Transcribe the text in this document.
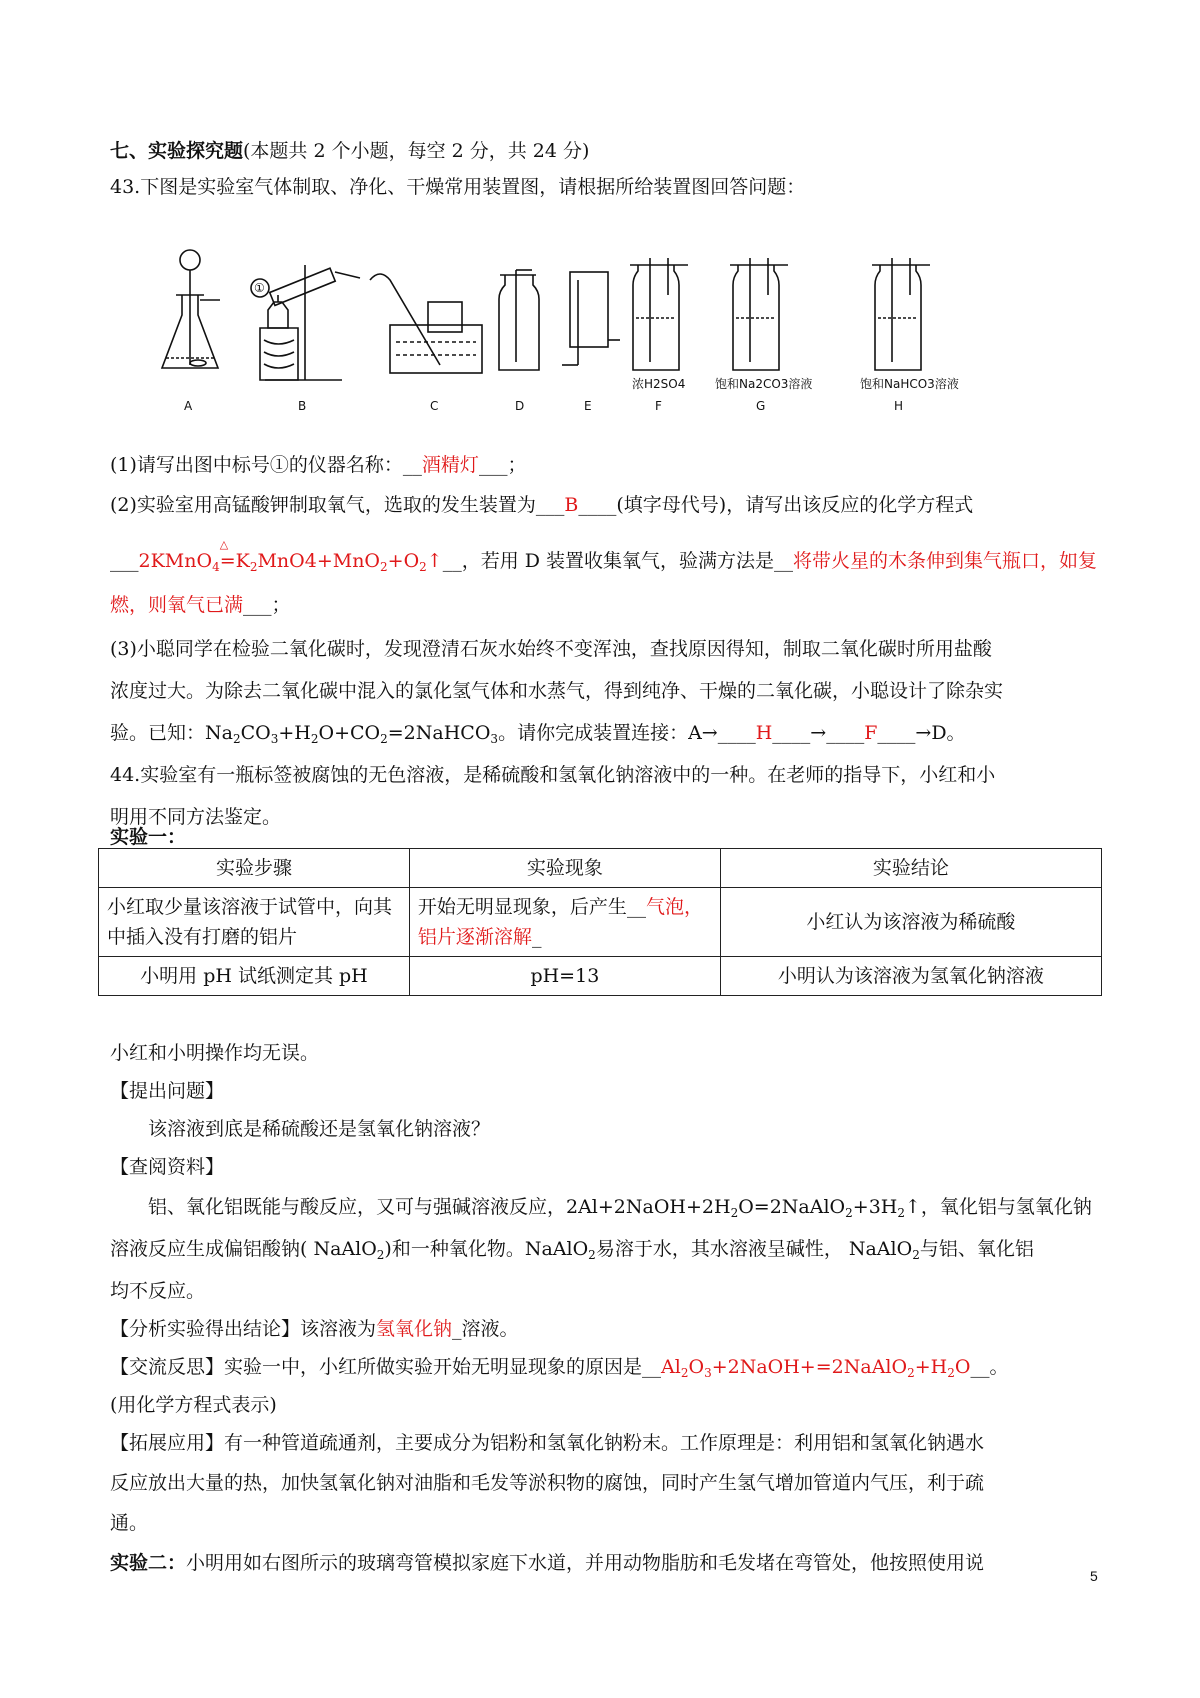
七、实验探究题(本题共 2 个小题，每空 2 分，共 24 分)
43.下图是实验室气体制取、净化、干燥常用装置图，请根据所给装置图回答问题：
①
浓H2SO4 饱和Na2CO3溶液	饱和NaHCO3溶液
A	B	C	D	E	F	G	H
(1)请写出图中标号①的仪器名称：__酒精灯___；
(2)实验室用高锰酸钾制取氧气，选取的发生装置为___B____(填字母代号)，请写出该反应的化学方程式
___2KMnO$_4$
△
$=K_2MnO4+MnO_2+O_2↑\_\_$，若用 D 装置收集氧气，验满方法是__将带火星的木条伸到集气瓶口，如复
燃，则氧气已满___；
(3)小聪同学在检验二氧化碳时，发现澄清石灰水始终不变浑浊，查找原因得知，制取二氧化碳时所用盐酸
浓度过大。为除去二氧化碳中混入的氯化氢气体和水蒸气，得到纯净、干燥的二氧化碳，小聪设计了除杂实
验。已知：$Na_2CO_3+H_2O+CO_2=2NaHCO_3$。请你完成装置连接：A→____H____→____F____→D。
44.实验室有一瓶标签被腐蚀的无色溶液，是稀硫酸和氢氧化钠溶液中的一种。在老师的指导下，小红和小
明用不同方法鉴定。
实验一：
实验步骤	实验现象	实验结论
小红取少量该溶液于试管中，向其
中插入没有打磨的铝片	开始无明显现象，后产生__气泡，
铝片逐渐溶解_	小红认为该溶液为稀硫酸
小明用 pH 试纸测定其 pH	pH=13	小明认为该溶液为氢氧化钠溶液
小红和小明操作均无误。
【提出问题】
该溶液到底是稀硫酸还是氢氧化钠溶液？
【查阅资料】
铝、氧化铝既能与酸反应，又可与强碱溶液反应，$2Al+2NaOH+2H_2O=2NaAlO_2+3H_2↑$，氧化铝与氢氧化钠
溶液反应生成偏铝酸钠( NaAlO$_2$)和一种氧化物。NaAlO$_2$易溶于水，其水溶液呈碱性， NaAlO$_2$与铝、氧化铝
均不反应。
【分析实验得出结论】该溶液为氢氧化钠_溶液。
【交流反思】实验一中，小红所做实验开始无明显现象的原因是$\_\_Al_2O_3+2NaOH+=2NaAlO_2+H_2O\_\_$。
(用化学方程式表示)
【拓展应用】有一种管道疏通剂，主要成分为铝粉和氢氧化钠粉末。工作原理是：利用铝和氢氧化钠遇水
反应放出大量的热，加快氢氧化钠对油脂和毛发等淤积物的腐蚀，同时产生氢气增加管道内气压，利于疏
通。
实验二：小明用如右图所示的玻璃弯管模拟家庭下水道，并用动物脂肪和毛发堵在弯管处，他按照使用说
5
